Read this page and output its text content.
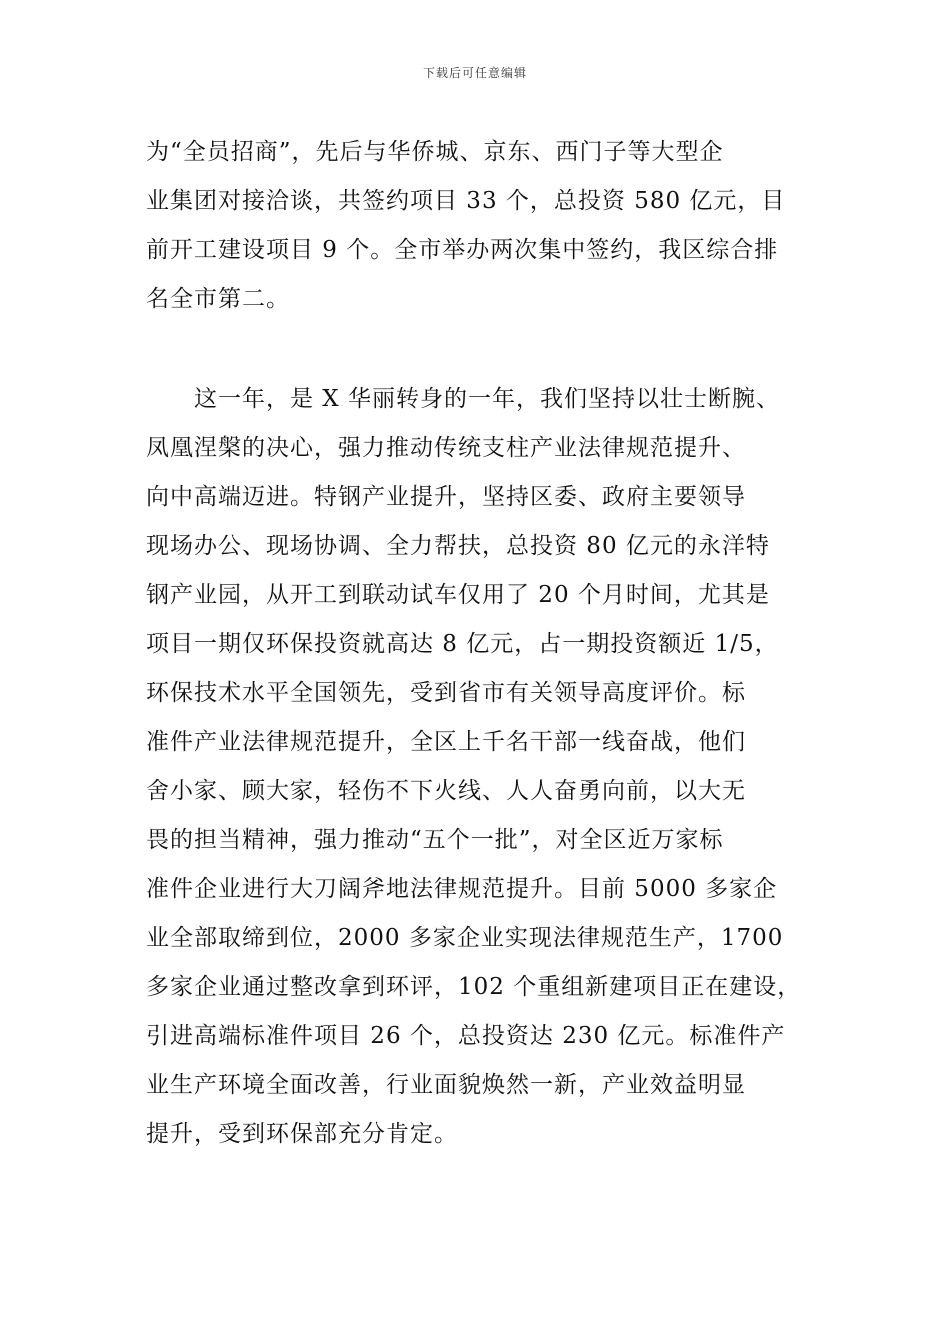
下载后可任意编辑
为“全员招商”，先后与华侨城、京东、西门子等大型企
业集团对接洽谈，共签约项目 33 个，总投资 580 亿元，目
前开工建设项目 9 个。全市举办两次集中签约，我区综合排
名全市第二。
　　这一年，是 X 华丽转身的一年，我们坚持以壮士断腕、
凤凰涅槃的决心，强力推动传统支柱产业法律规范提升、
向中高端迈进。特钢产业提升，坚持区委、政府主要领导
现场办公、现场协调、全力帮扶，总投资 80 亿元的永洋特
钢产业园，从开工到联动试车仅用了 20 个月时间，尤其是
项目一期仅环保投资就高达 8 亿元，占一期投资额近 1/5，
环保技术水平全国领先，受到省市有关领导高度评价。标
准件产业法律规范提升，全区上千名干部一线奋战，他们
舍小家、顾大家，轻伤不下火线、人人奋勇向前，以大无
畏的担当精神，强力推动“五个一批”，对全区近万家标
准件企业进行大刀阔斧地法律规范提升。目前 5000 多家企
业全部取缔到位，2000 多家企业实现法律规范生产，1700
多家企业通过整改拿到环评，102 个重组新建项目正在建设，
引进高端标准件项目 26 个，总投资达 230 亿元。标准件产
业生产环境全面改善，行业面貌焕然一新，产业效益明显
提升，受到环保部充分肯定。
